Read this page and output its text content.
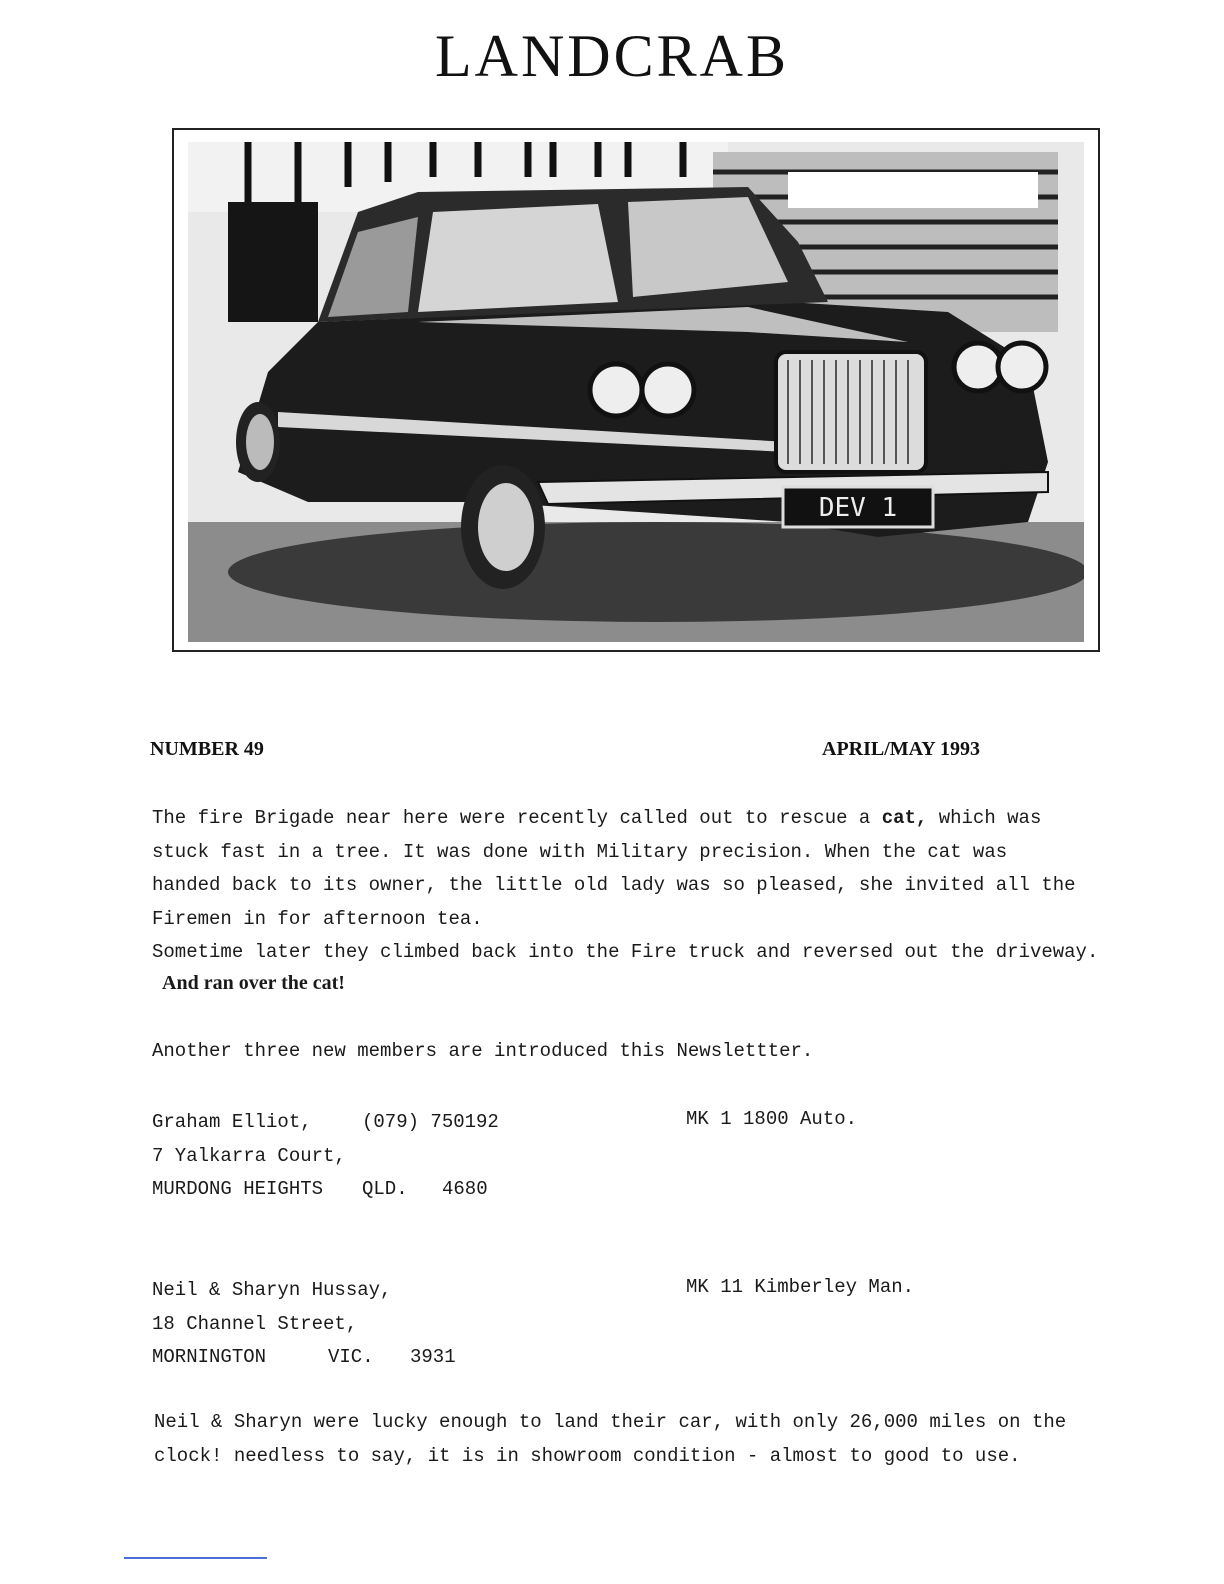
LANDCRAB
DEV 1
NUMBER 49	APRIL/MAY 1993

The fire Brigade near here were recently called out to rescue a cat, which was

stuck fast in a tree. It was done with Military precision. When the cat was

handed back to its owner, the little old lady was so pleased, she invited all the

Firemen in for afternoon tea.

Sometime later they climbed back into the Fire truck and reversed out the driveway.

And ran over the cat!
Another three new members are introduced this Newslettter.
Graham Elliot,	(079) 750192
7 Yalkarra Court,
MURDONG HEIGHTS QLD. 4680
MK 1 1800 Auto.
Neil & Sharyn Hussay,
18 Channel Street,
MORNINGTON	VIC. 3931
MK 11 Kimberley Man.

Neil & Sharyn were lucky enough to land their car, with only 26,000 miles on the

clock! needless to say, it is in showroom condition - almost to good to use.
